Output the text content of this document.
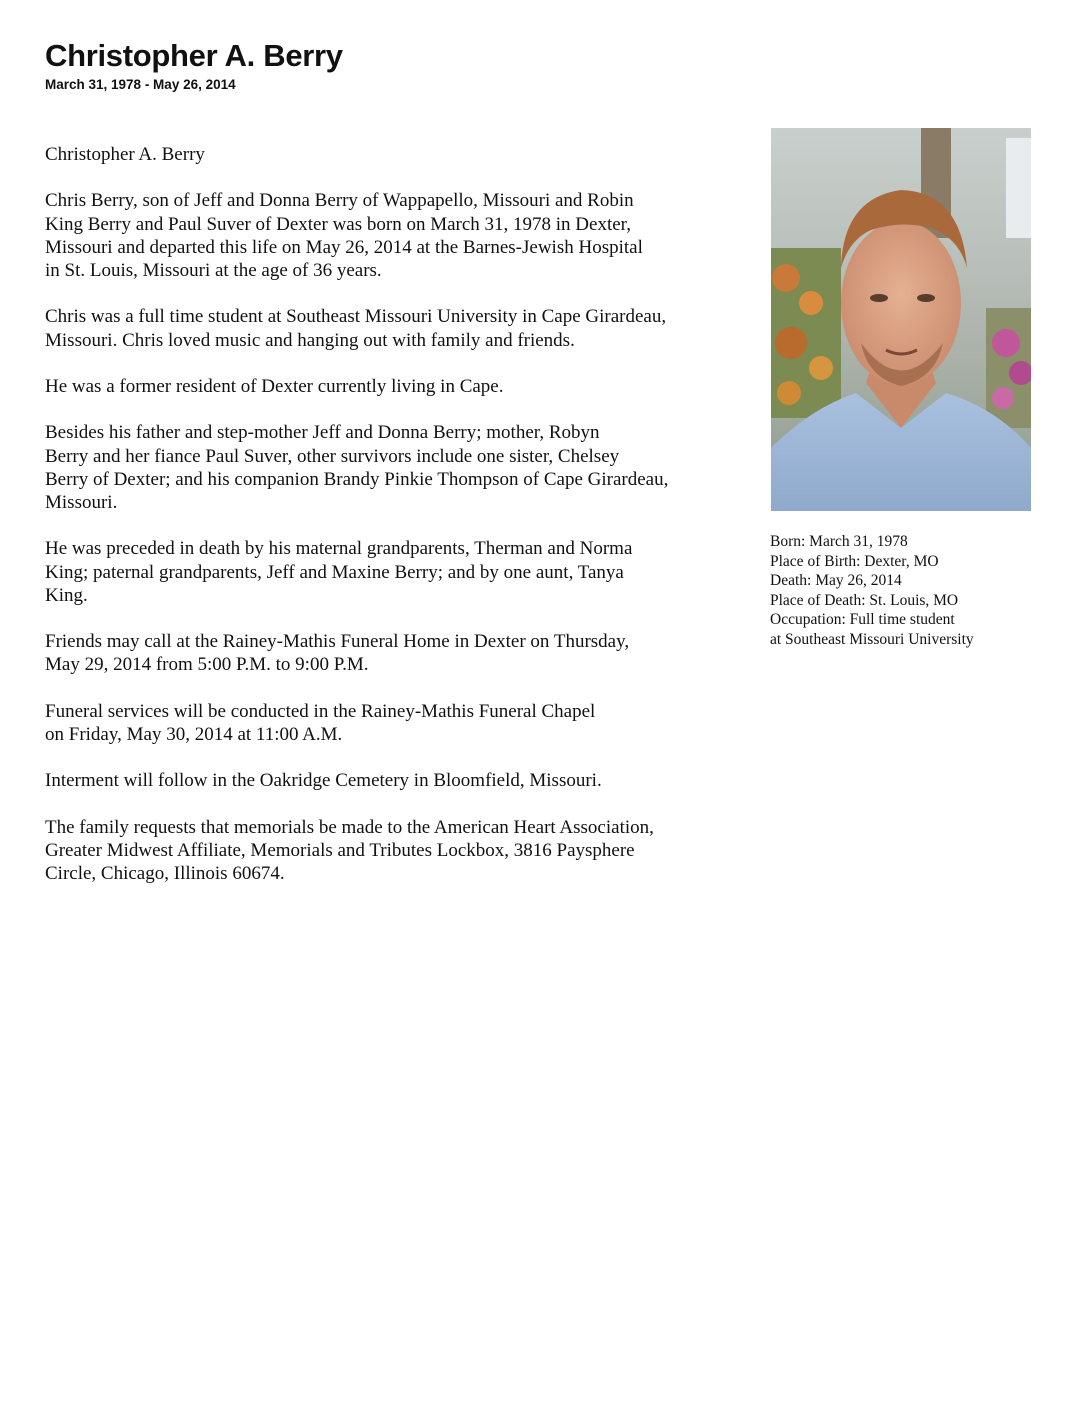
Christopher A. Berry
March 31, 1978 - May 26, 2014

Christopher A. Berry

Chris Berry, son of Jeff and Donna Berry of Wappapello, Missouri and Robin
King Berry and Paul Suver of Dexter was born on March 31, 1978 in Dexter,
Missouri and departed this life on May 26, 2014 at the Barnes-Jewish Hospital
in St. Louis, Missouri at the age of 36 years.

Chris was a full time student at Southeast Missouri University in Cape Girardeau,
Missouri. Chris loved music and hanging out with family and friends.

He was a former resident of Dexter currently living in Cape.

Besides his father and step-mother Jeff and Donna Berry; mother, Robyn
Berry and her fiance Paul Suver, other survivors include one sister, Chelsey
Berry of Dexter; and his companion Brandy Pinkie Thompson of Cape Girardeau,
Missouri.

He was preceded in death by his maternal grandparents, Therman and Norma
King; paternal grandparents, Jeff and Maxine Berry; and by one aunt, Tanya
King.

Friends may call at the Rainey-Mathis Funeral Home in Dexter on Thursday,
May 29, 2014 from 5:00 P.M. to 9:00 P.M.

Funeral services will be conducted in the Rainey-Mathis Funeral Chapel
on Friday, May 30, 2014 at 11:00 A.M.

Interment will follow in the Oakridge Cemetery in Bloomfield, Missouri.

The family requests that memorials be made to the American Heart Association,
Greater Midwest Affiliate, Memorials and Tributes Lockbox, 3816 Paysphere
Circle, Chicago, Illinois 60674.

Born: March 31, 1978
Place of Birth: Dexter, MO
Death: May 26, 2014
Place of Death: St. Louis, MO
Occupation: Full time student
at Southeast Missouri University
